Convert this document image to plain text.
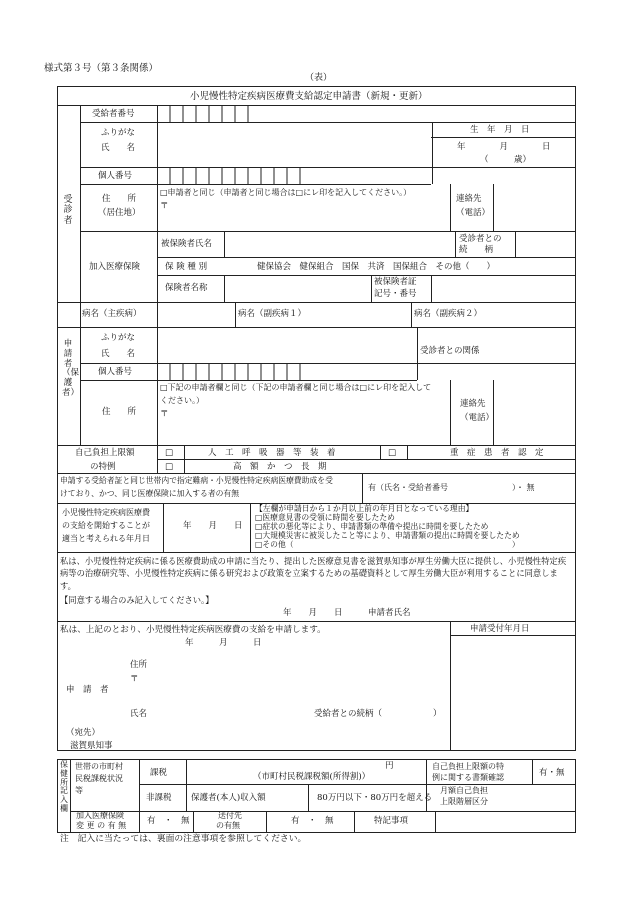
様式第３号（第３条関係）
（表）
小児慢性特定疾病医療費支給認定申請書（新規・更新）
受診者
受給者番号
ふりがな
氏　　名
生　年　月　日
年　　　　月　　　　日
（　　　歳）
個人番号
住　　所
（居住地）
□申請者と同じ（申請者と同じ場合は□にレ印を記入してください。）
〒
連絡先
（電話）
加入医療保険
被保険者氏名	受診者との
続　　柄
保 険 種 別	健保協会　健保組合　国保　共済　国保組合　その他（　　）
保険者名称
被保険者証
記号・番号
病名（主疾病）	病名（副疾病１）	病名（副疾病２）
申請者（保護者）
ふりがな
氏　　名	受診者との関係
個人番号
住　　所
□下記の申請者欄と同じ（下記の申請者欄と同じ場合は□にレ印を記入して
ください。）
〒
連絡先
（電話）
自己負担上限額
の特例
□	人　工　呼　吸　器　等　装　着	□	重　症　患　者　認　定
□	高　額　か　つ　長　期
申請する受給者証と同じ世帯内で指定難病・小児慢性特定疾病医療費助成を受
けており、かつ、同じ医療保険に加入する者の有無
有（氏名・受給者番号　　　　　　　　）・ 無
小児慢性特定疾病医療費
の支給を開始することが
適当と考えられる年月日
年　　月　　日
【左欄が申請日から１か月以上前の年月日となっている理由】
□医療意見書の受領に時間を要したため
□症状の悪化等により、申請書類の準備や提出に時間を要したため
□大規模災害に被災したこと等により、申請書類の提出に時間を要したため
□その他（　　　　　　　　　　　　　　　　　　　　　　　　　　　　）
私は、小児慢性特定疾病に係る医療費助成の申請に当たり、提出した医療意見書を滋賀県知事が厚生労働大臣に提供し、小児慢性特定疾病等の治療研究等、小児慢性特定疾病に係る研究および政策を立案するための基礎資料として厚生労働大臣が利用することに同意します。
【同意する場合のみ記入してください。】
年　　月　　日　　　申請者氏名
私は、上記のとおり、小児慢性特定疾病医療費の支給を申請します。
年　　　月　　　日
住所
〒
申　請　者
氏名	受給者との続柄（　　　　　　）
（宛先）
滋賀県知事
申請受付年月日
保健所記入欄
世帯の市町村
民税課税状況
等
課税
円
（市町村民税課税額(所得割)）
自己負担上限額の特
例に関する書類確認	有・無
非課税 保護者(本人)収入額	80万円以下・80万円を超える
月額自己負担
上限階層区分
加入医療保険
変 更 の 有 無 有　・　無
送付先
の有無	有　・　無	特記事項
注　記入に当たっては、裏面の注意事項を参照してください。
